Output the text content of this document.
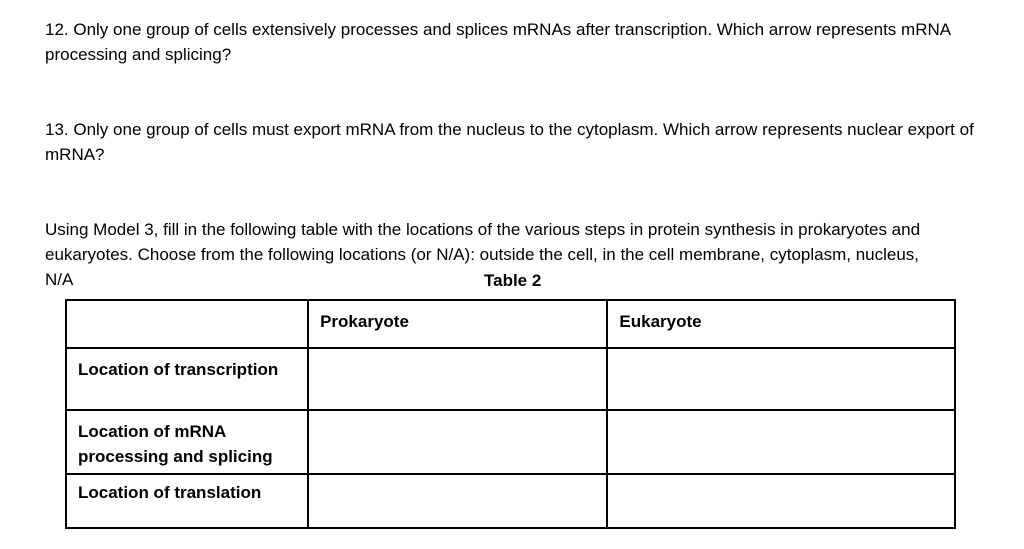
12. Only one group of cells extensively processes and splices mRNAs after transcription. Which arrow represents mRNA processing and splicing?

13. Only one group of cells must export mRNA from the nucleus to the cytoplasm. Which arrow represents nuclear export of mRNA?

Using Model 3, fill in the following table with the locations of the various steps in protein synthesis in prokaryotes and eukaryotes. Choose from the following locations (or N/A): outside the cell, in the cell membrane, cytoplasm, nucleus, N/A	Table 2

	Prokaryote	Eukaryote

Location of transcription		

Location of mRNA processing and splicing		

Location of translation		
